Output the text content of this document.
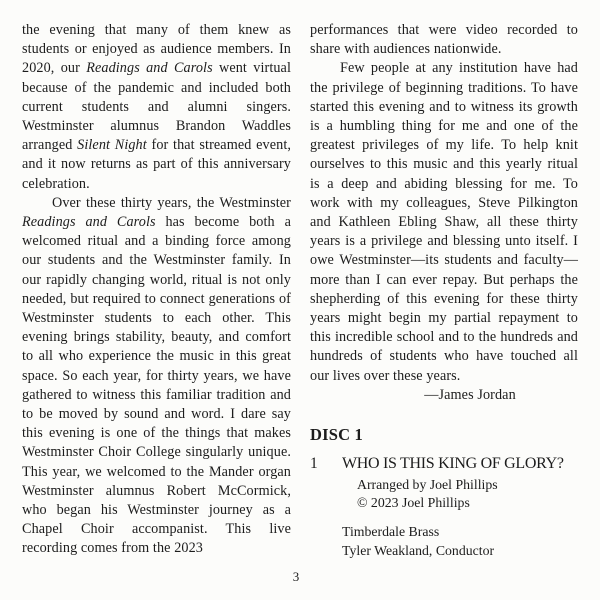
the evening that many of them knew as students or enjoyed as audience members. In 2020, our Readings and Carols went virtual because of the pandemic and included both current students and alumni singers. Westminster alumnus Brandon Waddles arranged Silent Night for that streamed event, and it now returns as part of this anniversary celebration.

Over these thirty years, the Westminster Readings and Carols has become both a welcomed ritual and a binding force among our students and the Westminster family. In our rapidly changing world, ritual is not only needed, but required to connect generations of Westminster students to each other. This evening brings stability, beauty, and comfort to all who experience the music in this great space. So each year, for thirty years, we have gathered to witness this familiar tradition and to be moved by sound and word. I dare say this evening is one of the things that makes Westminster Choir College singularly unique. This year, we welcomed to the Mander organ Westminster alumnus Robert McCormick, who began his Westminster journey as a Chapel Choir accompanist. This live recording comes from the 2023

performances that were video recorded to share with audiences nationwide.

Few people at any institution have had the privilege of beginning traditions. To have started this evening and to witness its growth is a humbling thing for me and one of the greatest privileges of my life. To help knit ourselves to this music and this yearly ritual is a deep and abiding blessing for me. To work with my colleagues, Steve Pilkington and Kathleen Ebling Shaw, all these thirty years is a privilege and blessing unto itself. I owe Westminster—its students and faculty—more than I can ever repay. But perhaps the shepherding of this evening for these thirty years might begin my partial repayment to this incredible school and to the hundreds and hundreds of students who have touched all our lives over these years.

—James Jordan

DISC 1
1	WHO IS THIS KING OF GLORY?
Arranged by Joel Phillips
© 2023 Joel Phillips
Timberdale Brass
Tyler Weakland, Conductor
3
